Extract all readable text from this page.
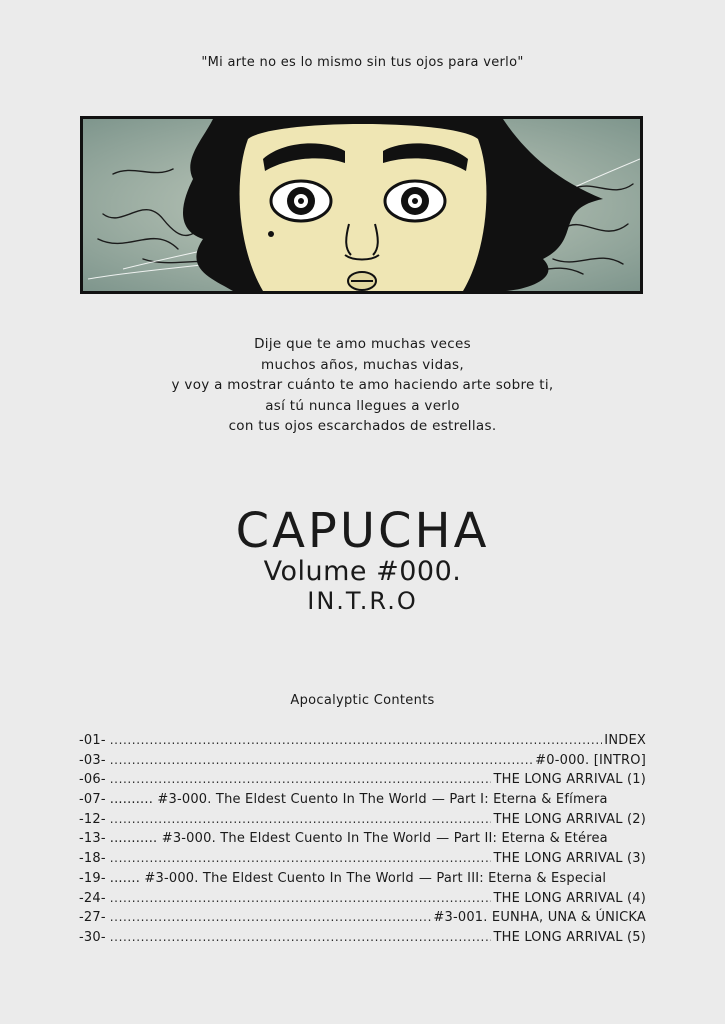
"Mi arte no es lo mismo sin tus ojos para verlo"
Dije que te amo muchas veces
muchos años, muchas vidas,
y voy a mostrar cuánto te amo haciendo arte sobre ti,
así tú nunca llegues a verlo
con tus ojos escarchados de estrellas.
CAPUCHA
Volume #000.
IN.T.R.O
Apocalyptic Contents
-01- .....	INDEX
-03- .....	#0-000. [INTRO]
-06- .....	THE LONG ARRIVAL (1)
-07- .......... #3-000. The Eldest Cuento In The World — Part I: Eterna & Efímera
-12- .....	THE LONG ARRIVAL (2)
-13- ........... #3-000. The Eldest Cuento In The World — Part II: Eterna & Etérea
-18- .....	THE LONG ARRIVAL (3)
-19- ....... #3-000. The Eldest Cuento In The World — Part III: Eterna & Especial
-24- .....	THE LONG ARRIVAL (4)
-27- .....	#3-001. EUNHA, UNA & ÚNICKA
-30- .....	THE LONG ARRIVAL (5)
